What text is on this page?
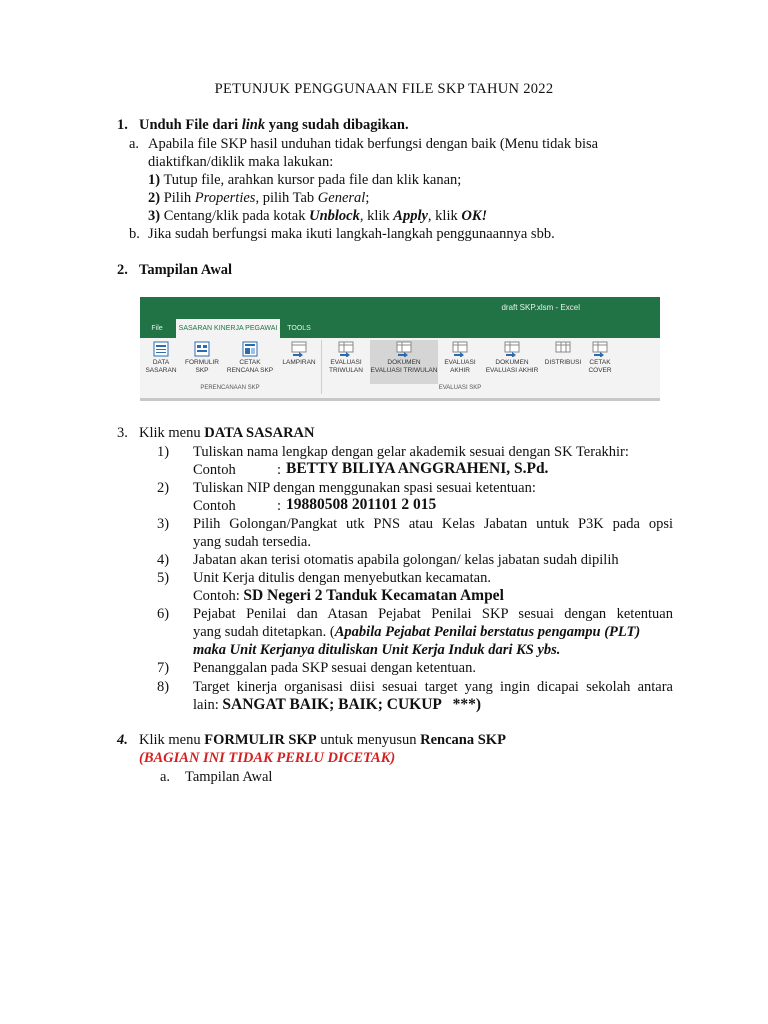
PETUNJUK PENGGUNAAN FILE SKP TAHUN 2022
1. Unduh File dari link yang sudah dibagikan.
a. Apabila file SKP hasil unduhan tidak berfungsi dengan baik (Menu tidak bisa
diaktifkan/diklik maka lakukan:
1) Tutup file, arahkan kursor pada file dan klik kanan;
2) Pilih Properties, pilih Tab General;
3) Centang/klik pada kotak Unblock, klik Apply, klik OK!
b. Jika sudah berfungsi maka ikuti langkah-langkah penggunaannya sbb.
2. Tampilan Awal
draft SKP.xlsm - Excel
File	SASARAN KINERJA PEGAWAI	TOOLS
DATA
SASARAN
FORMULIR
SKP
CETAK
RENCANA SKP
LAMPIRAN	EVALUASI
TRIWULAN
DOKUMEN
EVALUASI TRIWULAN
EVALUASI
AKHIR
DOKUMEN
EVALUASI AKHIR
DISTRIBUSI	CETAK
COVER
PERENCANAAN SKP	EVALUASI SKP
3. Klik menu DATA SASARAN
1) Tuliskan nama lengkap dengan gelar akademik sesuai dengan SK Terakhir:
Contoh	: BETTY BILIYA ANGGRAHENI, S.Pd.
2) Tuliskan NIP dengan menggunakan spasi sesuai ketentuan:
Contoh	: 19880508 201101 2 015
3) Pilih Golongan/Pangkat utk PNS atau Kelas Jabatan untuk P3K pada opsi
yang sudah tersedia.
4) Jabatan akan terisi otomatis apabila golongan/ kelas jabatan sudah dipilih
5) Unit Kerja ditulis dengan menyebutkan kecamatan.
Contoh: SD Negeri 2 Tanduk Kecamatan Ampel
6) Pejabat Penilai dan Atasan Pejabat Penilai SKP sesuai dengan ketentuan
yang sudah ditetapkan. (Apabila Pejabat Penilai berstatus pengampu (PLT)
maka Unit Kerjanya dituliskan Unit Kerja Induk dari KS ybs.
7) Penanggalan pada SKP sesuai dengan ketentuan.
8) Target kinerja organisasi diisi sesuai target yang ingin dicapai sekolah antara
lain: SANGAT BAIK; BAIK; CUKUP   ***)
4. Klik menu FORMULIR SKP untuk menyusun Rencana SKP
(BAGIAN INI TIDAK PERLU DICETAK)
a. Tampilan Awal
